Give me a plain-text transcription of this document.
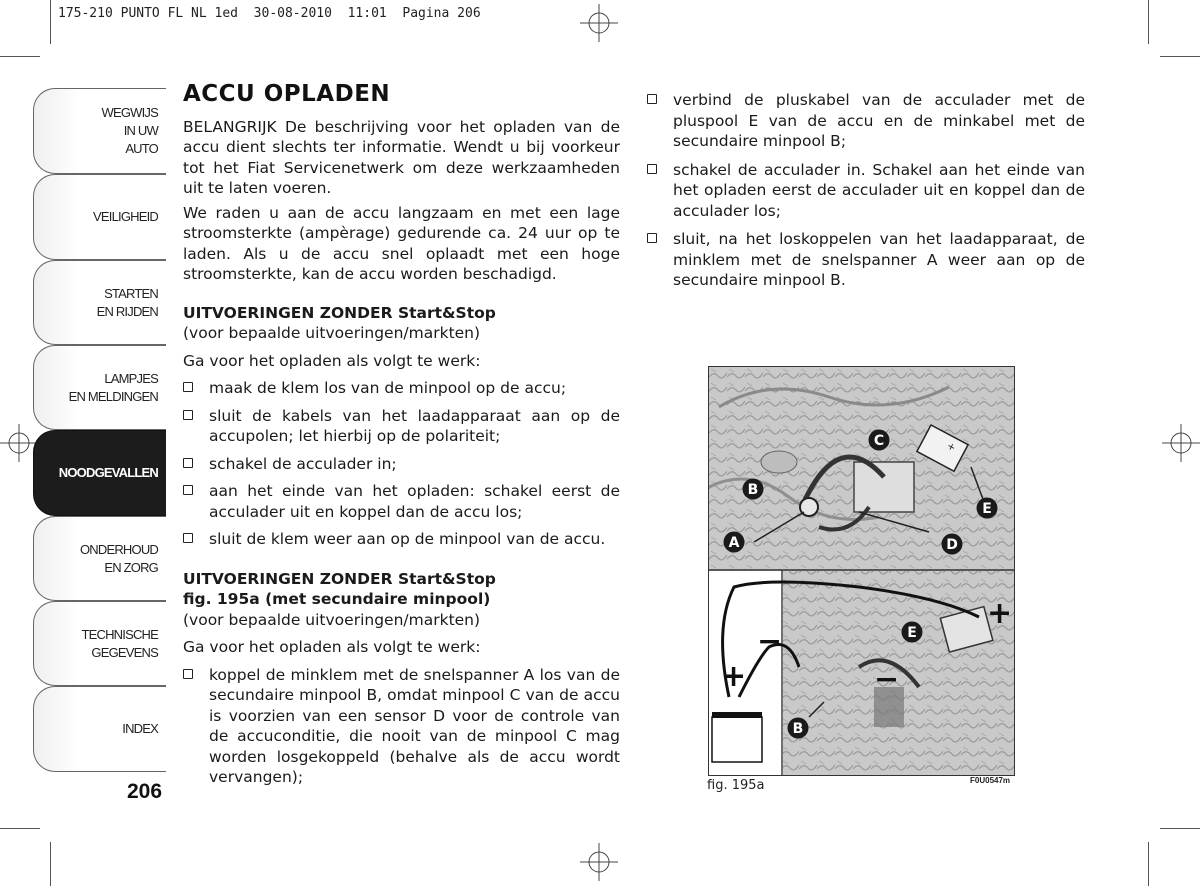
175-210 PUNTO FL NL 1ed  30-08-2010  11:01  Pagina 206
WEGWIJS
IN UW
AUTO
VEILIGHEID
STARTEN
EN RIJDEN
LAMPJES
EN MELDINGEN
NOODGEVALLEN
ONDERHOUD
EN ZORG
TECHNISCHE
GEGEVENS
INDEX
206
ACCU OPLADEN

BELANGRIJK De beschrijving voor het opladen van de accu dient slechts ter informatie. Wendt u bij voorkeur tot het Fiat Servicenetwerk om deze werkzaamheden uit te laten voeren.

We raden u aan de accu langzaam en met een lage stroomsterkte (ampèrage) gedurende ca. 24 uur op te laden. Als u de accu snel oplaadt met een hoge stroomsterkte, kan de accu worden beschadigd.

UITVOERINGEN ZONDER Start&Stop

(voor bepaalde uitvoeringen/markten)

Ga voor het opladen als volgt te werk:

maak de klem los van de minpool op de accu;
sluit de kabels van het laadapparaat aan op de accupolen; let hierbij op de polariteit;
schakel de acculader in;
aan het einde van het opladen: schakel eerst de acculader uit en koppel dan de accu los;
sluit de klem weer aan op de minpool van de accu.
UITVOERINGEN ZONDER Start&Stop
fig. 195a (met secundaire minpool)

(voor bepaalde uitvoeringen/markten)

Ga voor het opladen als volgt te werk:

koppel de minklem met de snelspanner A los van de secundaire minpool B, omdat minpool C van de accu is voorzien van een sensor D voor de controle van de accuconditie, die nooit van de minpool C mag worden losgekoppeld (behalve als de accu wordt vervangen);
verbind de pluskabel van de acculader met de pluspool E van de accu en de minkabel met de secundaire minpool B;
schakel de acculader in. Schakel aan het einde van het opladen eerst de acculader uit en koppel dan de acculader los;
sluit, na het loskoppelen van het laadapparaat, de minklem met de snelspanner A weer aan op de secundaire minpool B.
+
C
B
E
A	D
E
B
+
−
+	−
fig. 195a	F0U0547m
